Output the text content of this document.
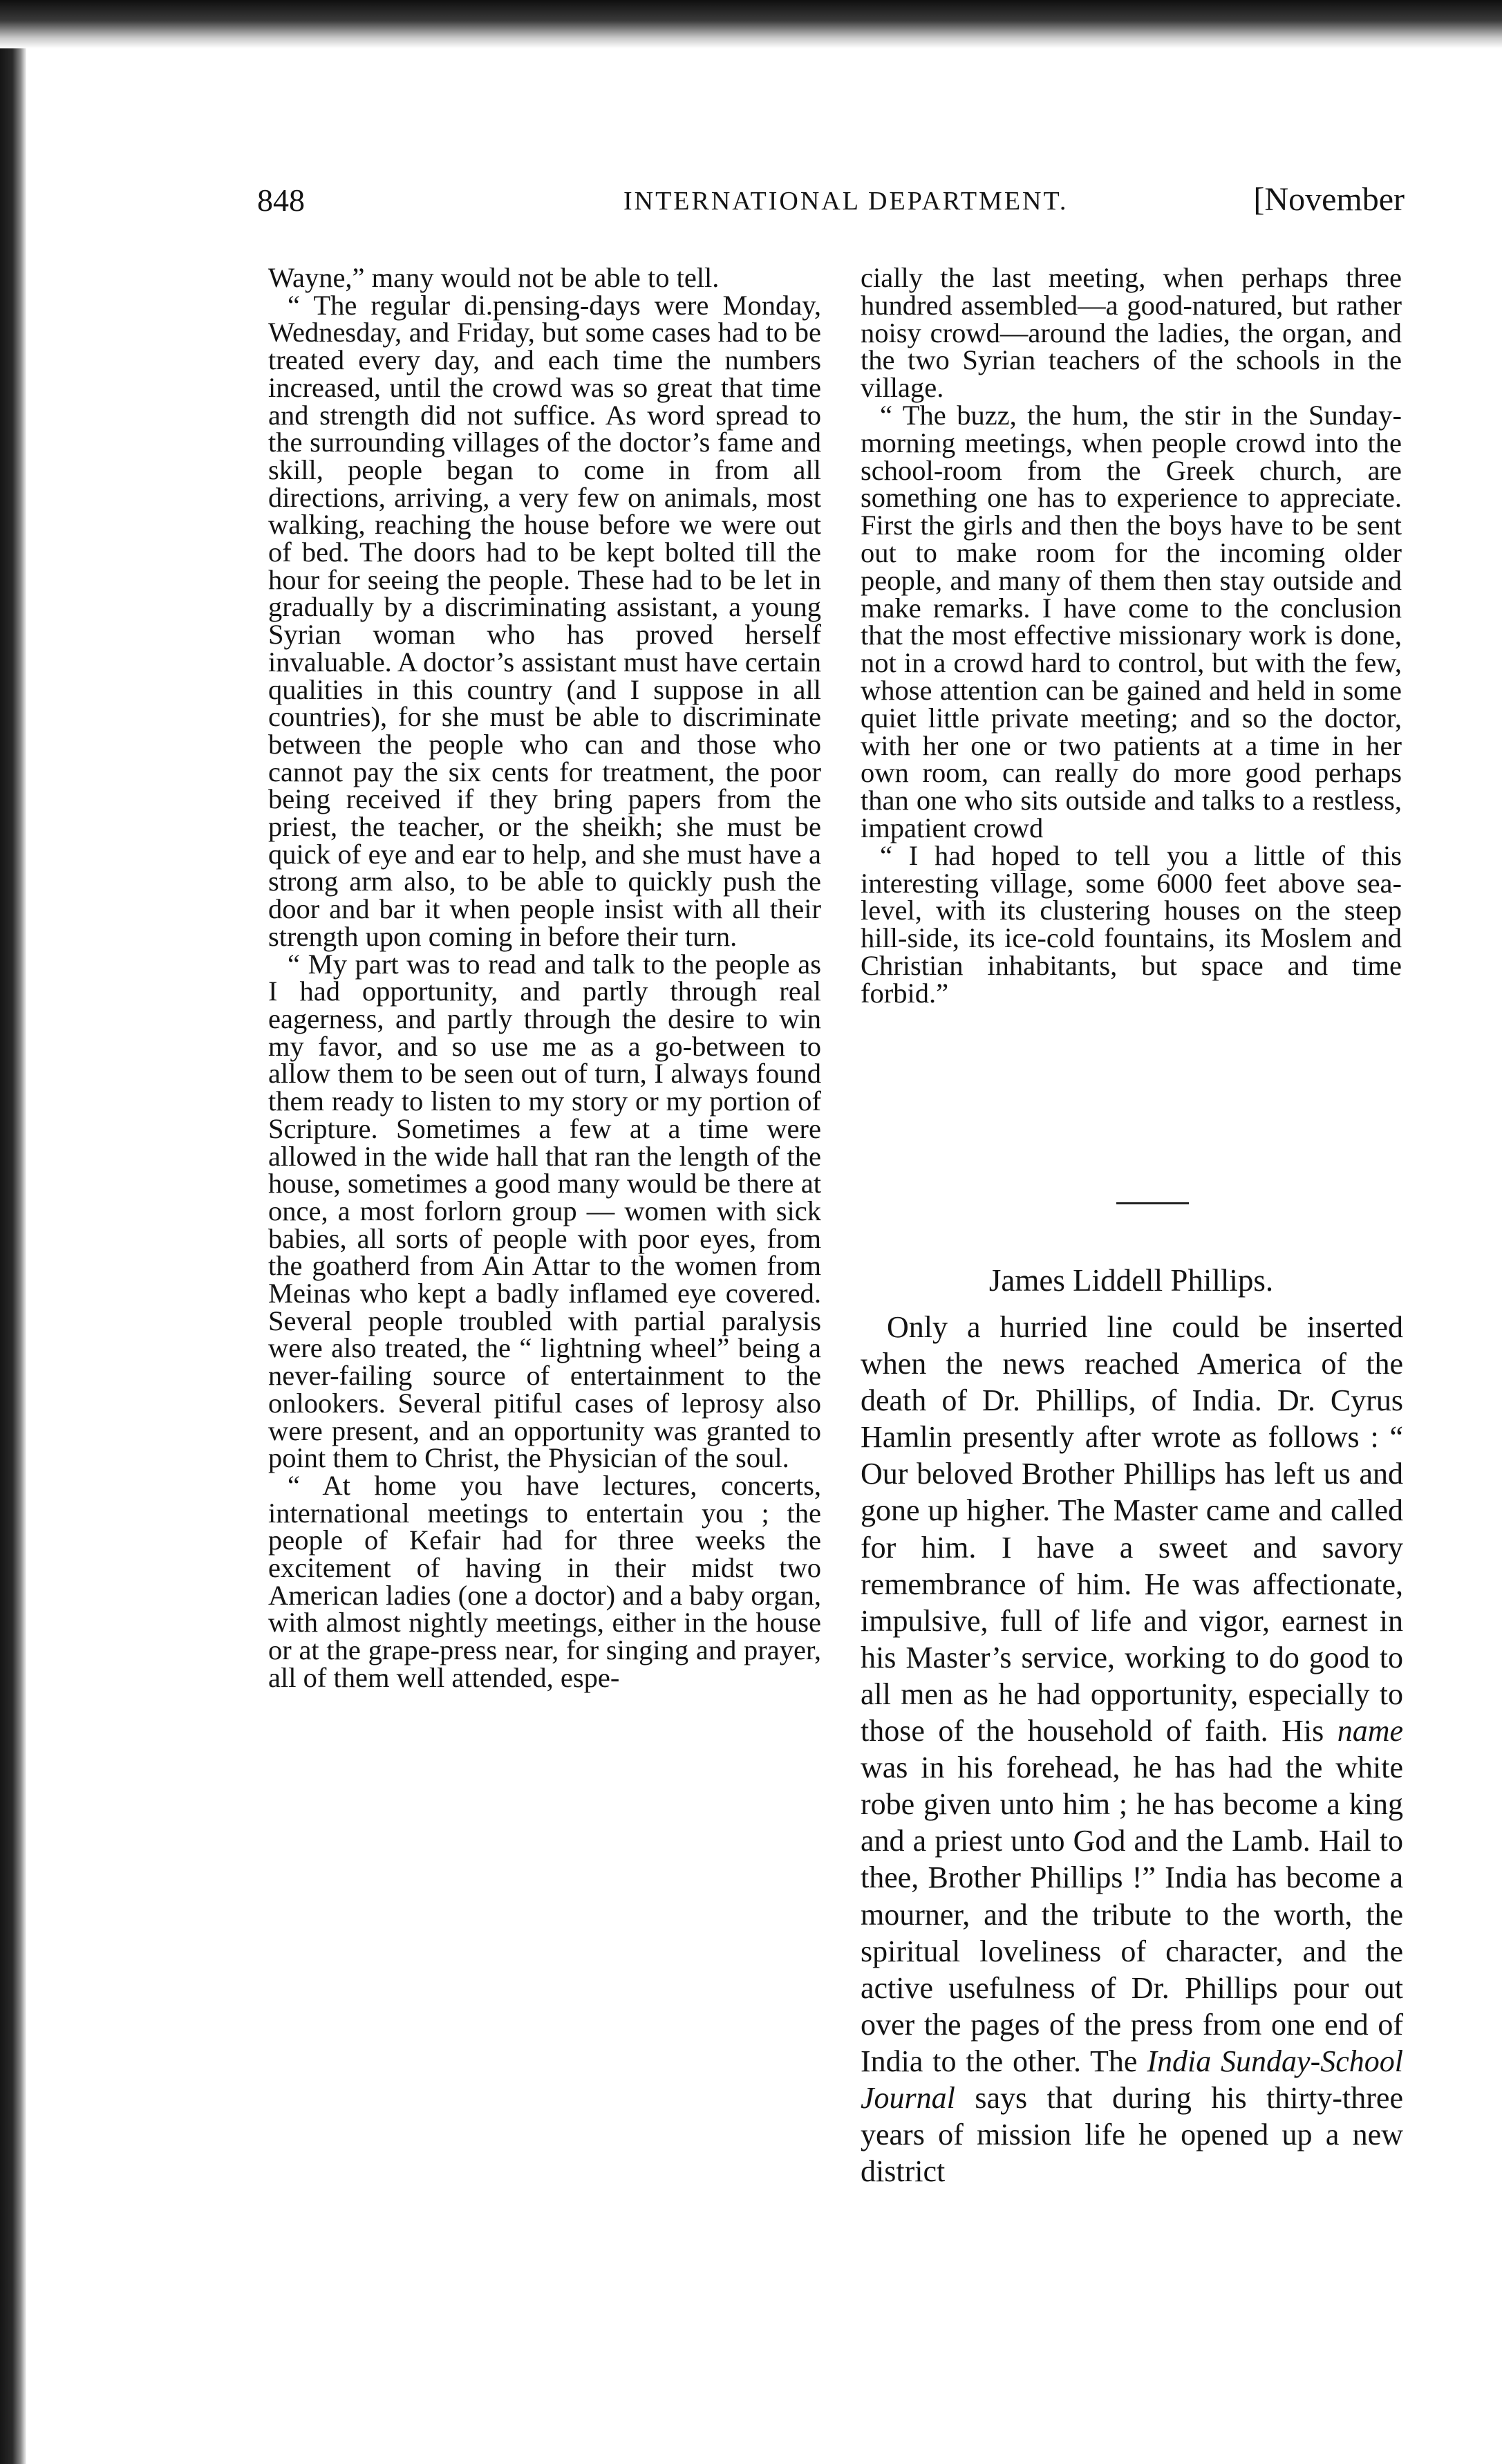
848	INTERNATIONAL DEPARTMENT.	[November

Wayne,” many would not be able to tell.

“ The regular di.pensing-days were Monday, Wednesday, and Friday, but some cases had to be treated every day, and each time the numbers increased, until the crowd was so great that time and strength did not suffice. As word spread to the surrounding villages of the doctor’s fame and skill, people began to come in from all directions, arriving, a very few on animals, most walking, reaching the house before we were out of bed. The doors had to be kept bolted till the hour for seeing the people. These had to be let in gradually by a discriminating assistant, a young Syrian woman who has proved herself invaluable. A doctor’s assistant must have certain qualities in this country (and I suppose in all countries), for she must be able to discriminate between the people who can and those who cannot pay the six cents for treatment, the poor being received if they bring papers from the priest, the teacher, or the sheikh; she must be quick of eye and ear to help, and she must have a strong arm also, to be able to quickly push the door and bar it when people insist with all their strength upon coming in before their turn.

“ My part was to read and talk to the people as I had opportunity, and partly through real eagerness, and partly through the desire to win my favor, and so use me as a go-between to allow them to be seen out of turn, I always found them ready to listen to my story or my portion of Scripture. Sometimes a few at a time were allowed in the wide hall that ran the length of the house, sometimes a good many would be there at once, a most forlorn group — women with sick babies, all sorts of people with poor eyes, from the goatherd from Ain Attar to the women from Meinas who kept a badly inflamed eye covered. Several people troubled with partial paralysis were also treated, the “ lightning wheel” being a never-failing source of entertainment to the onlookers. Several pitiful cases of leprosy also were present, and an opportunity was granted to point them to Christ, the Physician of the soul.

“ At home you have lectures, concerts, international meetings to entertain you ; the people of Kefair had for three weeks the excitement of having in their midst two American ladies (one a doctor) and a baby organ, with almost nightly meetings, either in the house or at the grape-press near, for singing and prayer, all of them well attended, espe-

cially the last meeting, when perhaps three hundred assembled—a good-natured, but rather noisy crowd—around the ladies, the organ, and the two Syrian teachers of the schools in the village.

“ The buzz, the hum, the stir in the Sunday-morning meetings, when people crowd into the school-room from the Greek church, are something one has to experience to appreciate. First the girls and then the boys have to be sent out to make room for the incoming older people, and many of them then stay outside and make remarks. I have come to the conclusion that the most effective missionary work is done, not in a crowd hard to control, but with the few, whose attention can be gained and held in some quiet little private meeting; and so the doctor, with her one or two patients at a time in her own room, can really do more good perhaps than one who sits outside and talks to a restless, impatient crowd

“ I had hoped to tell you a little of this interesting village, some 6000 feet above sea-level, with its clustering houses on the steep hill-side, its ice-cold fountains, its Moslem and Christian inhabitants, but space and time forbid.”

James Liddell Phillips.

Only a hurried line could be inserted when the news reached America of the death of Dr. Phillips, of India. Dr. Cyrus Hamlin presently after wrote as follows : “ Our beloved Brother Phillips has left us and gone up higher. The Master came and called for him. I have a sweet and savory remembrance of him. He was affectionate, impulsive, full of life and vigor, earnest in his Master’s service, working to do good to all men as he had opportunity, especially to those of the household of faith. His name was in his forehead, he has had the white robe given unto him ; he has become a king and a priest unto God and the Lamb. Hail to thee, Brother Phillips !” India has become a mourner, and the tribute to the worth, the spiritual loveliness of character, and the active usefulness of Dr. Phillips pour out over the pages of the press from one end of India to the other. The India Sunday-School Journal says that during his thirty-three years of mission life he opened up a new district
